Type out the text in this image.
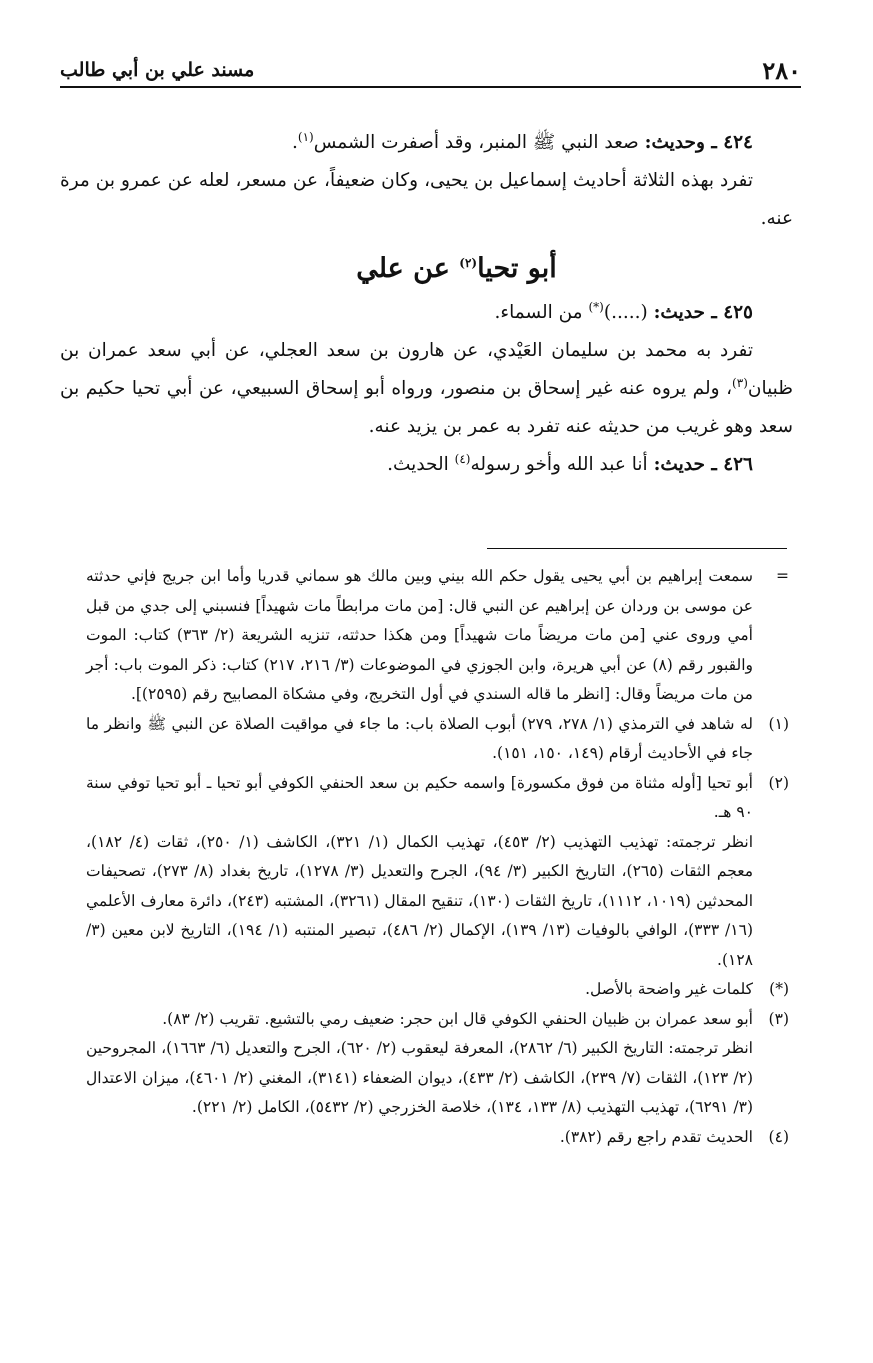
٢٨٠
مسند علي بن أبي طالب

٤٢٤ ـ وحديث: صعد النبي ﷺ المنبر، وقد أصفرت الشمس$^{(١)}$.

تفرد بهذه الثلاثة أحاديث إسماعيل بن يحيى، وكان ضعيفاً، عن مسعر، لعله عن عمرو بن مرة عنه.

أبو تحيا$^{(٢)}$ عن علي

٤٢٥ ـ حديث: (.....)(*) من السماء.

تفرد به محمد بن سليمان العَيْدي، عن هارون بن سعد العجلي، عن أبي سعد عمران بن ظبيان$^{(٣)}$، ولم يروه عنه غير إسحاق بن منصور، ورواه أبو إسحاق السبيعي، عن أبي تحيا حكيم بن سعد وهو غريب من حديثه عنه تفرد به عمر بن يزيد عنه.

٤٢٦ ـ حديث: أنا عبد الله وأخو رسوله$^{(٤)}$ الحديث.

=

سمعت إبراهيم بن أبي يحيى يقول حكم الله بيني وبين مالك هو سماني قدريا وأما ابن جريج فإني حدثته عن موسى بن وردان عن إبراهيم عن النبي قال: [من مات مرابطاً مات شهيداً] فنسبني إلى جدي من قبل أمي وروى عني [من مات مريضاً مات شهيداً] ومن هكذا حدثته، تنزيه الشريعة (٢/ ٣٦٣) كتاب: الموت والقبور رقم (٨) عن أبي هريرة، وابن الجوزي في الموضوعات (٣/ ٢١٦، ٢١٧) كتاب: ذكر الموت باب: أجر من مات مريضاً وقال: [انظر ما قاله السندي في أول التخريج، وفي مشكاة المصابيح رقم (٢٥٩٥)].

(١)

له شاهد في الترمذي (١/ ٢٧٨، ٢٧٩) أبوب الصلاة باب: ما جاء في مواقيت الصلاة عن النبي ﷺ وانظر ما جاء في الأحاديث أرقام (١٤٩، ١٥٠، ١٥١).

(٢)

أبو تحيا [أوله مثناة من فوق مكسورة] واسمه حكيم بن سعد الحنفي الكوفي أبو تحيا ـ أبو تحيا توفي سنة ٩٠ هـ.

انظر ترجمته: تهذيب التهذيب (٢/ ٤٥٣)، تهذيب الكمال (١/ ٣٢١)، الكاشف (١/ ٢٥٠)، ثقات (٤/ ١٨٢)، معجم الثقات (٢٦٥)، التاريخ الكبير (٣/ ٩٤)، الجرح والتعديل (٣/ ١٢٧٨)، تاريخ بغداد (٨/ ٢٧٣)، تصحيفات المحدثين (١٠١٩، ١١١٢)، تاريخ الثقات (١٣٠)، تنقيح المقال (٣٢٦١)، المشتبه (٢٤٣)، دائرة معارف الأعلمي (١٦/ ٣٣٣)، الوافي بالوفيات (١٣/ ١٣٩)، الإكمال (٢/ ٤٨٦)، تبصير المنتبه (١/ ١٩٤)، التاريخ لابن معين (٣/ ١٢٨).

(*)

كلمات غير واضحة بالأصل.

(٣)

أبو سعد عمران بن ظبيان الحنفي الكوفي قال ابن حجر: ضعيف رمي بالتشيع. تقريب (٢/ ٨٣).

انظر ترجمته: التاريخ الكبير (٦/ ٢٨٦٢)، المعرفة ليعقوب (٢/ ٦٢٠)، الجرح والتعديل (٦/ ١٦٦٣)، المجروحين (٢/ ١٢٣)، الثقات (٧/ ٢٣٩)، الكاشف (٢/ ٤٣٣)، ديوان الضعفاء (٣١٤١)، المغني (٢/ ٤٦٠١)، ميزان الاعتدال (٣/ ٦٢٩١)، تهذيب التهذيب (٨/ ١٣٣، ١٣٤)، خلاصة الخزرجي (٢/ ٥٤٣٢)، الكامل (٢/ ٢٢١).

(٤)

الحديث تقدم راجع رقم (٣٨٢).
